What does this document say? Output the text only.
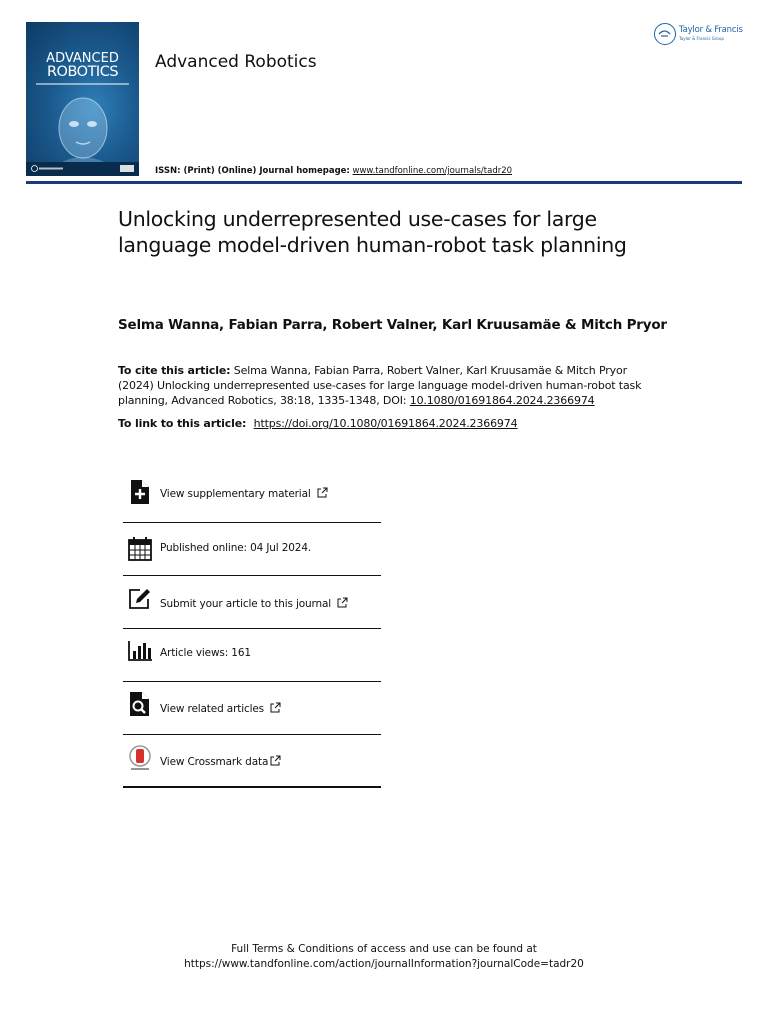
ADVANCED
ROBOTICS	Advanced Robotics
Taylor & Francis
Taylor & Francis Group
ISSN: (Print) (Online) Journal homepage: www.tandfonline.com/journals/tadr20
Unlocking underrepresented use-cases for large language model-driven human-robot task planning
Selma Wanna, Fabian Parra, Robert Valner, Karl Kruusamäe & Mitch Pryor
To cite this article: Selma Wanna, Fabian Parra, Robert Valner, Karl Kruusamäe & Mitch Pryor (2024) Unlocking underrepresented use-cases for large language model-driven human-robot task planning, Advanced Robotics, 38:18, 1335-1348, DOI: 10.1080/01691864.2024.2366974
To link to this article: https://doi.org/10.1080/01691864.2024.2366974
View supplementary material
Published online: 04 Jul 2024.
Submit your article to this journal
Article views: 161
View related articles
View Crossmark data
Full Terms & Conditions of access and use can be found at
https://www.tandfonline.com/action/journalInformation?journalCode=tadr20
